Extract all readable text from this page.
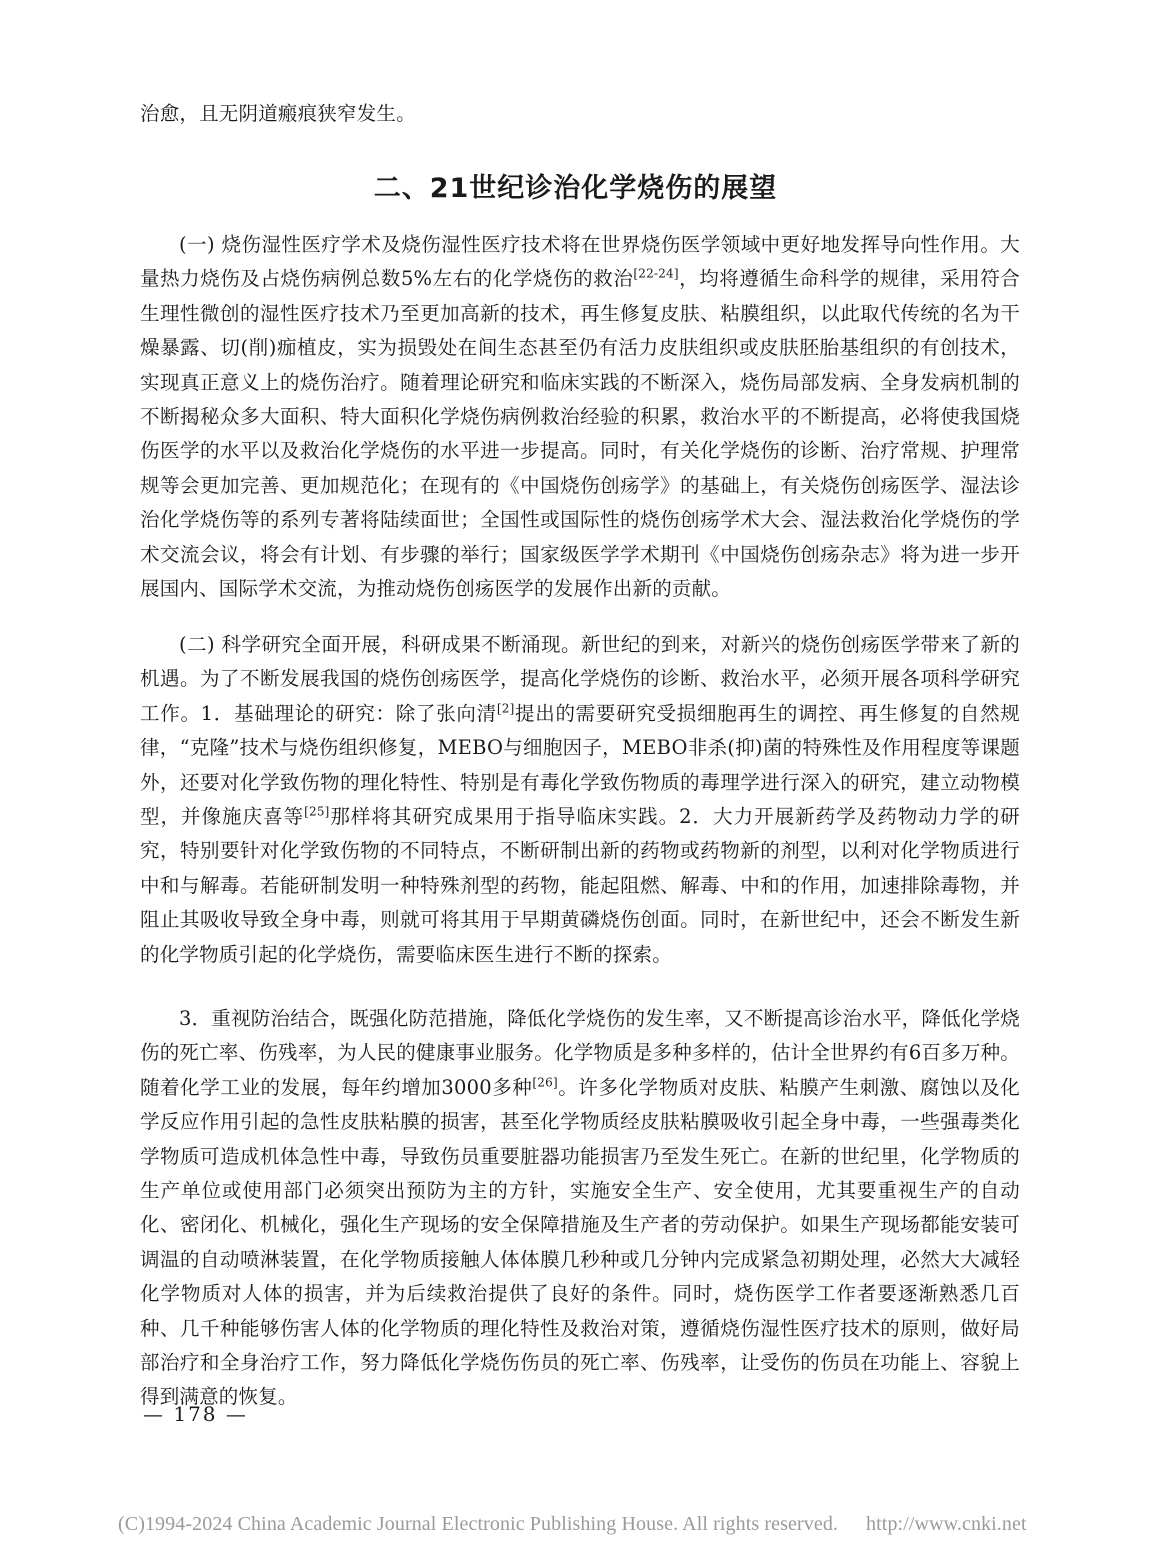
治愈，且无阴道瘢痕狭窄发生。

二、21世纪诊治化学烧伤的展望

(一) 烧伤湿性医疗学术及烧伤湿性医疗技术将在世界烧伤医学领域中更好地发挥导向性作用。大量热力烧伤及占烧伤病例总数5%左右的化学烧伤的救治[22-24]，均将遵循生命科学的规律，采用符合生理性微创的湿性医疗技术乃至更加高新的技术，再生修复皮肤、粘膜组织，以此取代传统的名为干燥暴露、切(削)痂植皮，实为损毁处在间生态甚至仍有活力皮肤组织或皮肤胚胎基组织的有创技术，实现真正意义上的烧伤治疗。随着理论研究和临床实践的不断深入，烧伤局部发病、全身发病机制的不断揭秘众多大面积、特大面积化学烧伤病例救治经验的积累，救治水平的不断提高，必将使我国烧伤医学的水平以及救治化学烧伤的水平进一步提高。同时，有关化学烧伤的诊断、治疗常规、护理常规等会更加完善、更加规范化；在现有的《中国烧伤创疡学》的基础上，有关烧伤创疡医学、湿法诊治化学烧伤等的系列专著将陆续面世；全国性或国际性的烧伤创疡学术大会、湿法救治化学烧伤的学术交流会议，将会有计划、有步骤的举行；国家级医学学术期刊《中国烧伤创疡杂志》将为进一步开展国内、国际学术交流，为推动烧伤创疡医学的发展作出新的贡献。

(二) 科学研究全面开展，科研成果不断涌现。新世纪的到来，对新兴的烧伤创疡医学带来了新的机遇。为了不断发展我国的烧伤创疡医学，提高化学烧伤的诊断、救治水平，必须开展各项科学研究工作。1．基础理论的研究：除了张向清[2]提出的需要研究受损细胞再生的调控、再生修复的自然规律，“克隆”技术与烧伤组织修复，MEBO与细胞因子，MEBO非杀(抑)菌的特殊性及作用程度等课题外，还要对化学致伤物的理化特性、特别是有毒化学致伤物质的毒理学进行深入的研究，建立动物模型，并像施庆喜等[25]那样将其研究成果用于指导临床实践。2．大力开展新药学及药物动力学的研究，特别要针对化学致伤物的不同特点，不断研制出新的药物或药物新的剂型，以利对化学物质进行中和与解毒。若能研制发明一种特殊剂型的药物，能起阻燃、解毒、中和的作用，加速排除毒物，并阻止其吸收导致全身中毒，则就可将其用于早期黄磷烧伤创面。同时，在新世纪中，还会不断发生新的化学物质引起的化学烧伤，需要临床医生进行不断的探索。

3．重视防治结合，既强化防范措施，降低化学烧伤的发生率，又不断提高诊治水平，降低化学烧伤的死亡率、伤残率，为人民的健康事业服务。化学物质是多种多样的，估计全世界约有6百多万种。随着化学工业的发展，每年约增加3000多种[26]。许多化学物质对皮肤、粘膜产生刺激、腐蚀以及化学反应作用引起的急性皮肤粘膜的损害，甚至化学物质经皮肤粘膜吸收引起全身中毒，一些强毒类化学物质可造成机体急性中毒，导致伤员重要脏器功能损害乃至发生死亡。在新的世纪里，化学物质的生产单位或使用部门必须突出预防为主的方针，实施安全生产、安全使用，尤其要重视生产的自动化、密闭化、机械化，强化生产现场的安全保障措施及生产者的劳动保护。如果生产现场都能安装可调温的自动喷淋装置，在化学物质接触人体体膜几秒种或几分钟内完成紧急初期处理，必然大大减轻化学物质对人体的损害，并为后续救治提供了良好的条件。同时，烧伤医学工作者要逐渐熟悉几百种、几千种能够伤害人体的化学物质的理化特性及救治对策，遵循烧伤湿性医疗技术的原则，做好局部治疗和全身治疗工作，努力降低化学烧伤伤员的死亡率、伤残率，让受伤的伤员在功能上、容貌上得到满意的恢复。

— 178 —
(C)1994-2024 China Academic Journal Electronic Publishing House. All rights reserved. http://www.cnki.net
